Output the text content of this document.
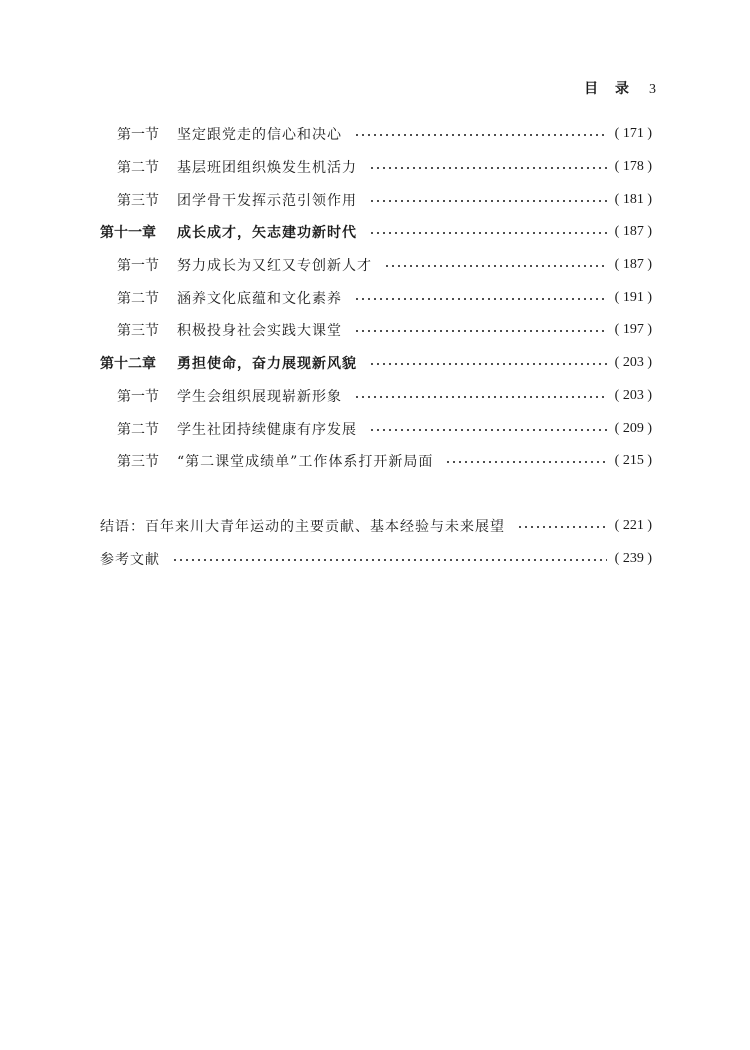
目 录 3
第一节 坚定跟党走的信心和决心	( 171 )
第二节 基层班团组织焕发生机活力	( 178 )
第三节 团学骨干发挥示范引领作用	( 181 )
第十一章 成长成才，矢志建功新时代	( 187 )
第一节 努力成长为又红又专创新人才	( 187 )
第二节 涵养文化底蕴和文化素养	( 191 )
第三节 积极投身社会实践大课堂	( 197 )
第十二章 勇担使命，奋力展现新风貌	( 203 )
第一节 学生会组织展现崭新形象	( 203 )
第二节 学生社团持续健康有序发展	( 209 )
第三节 “第二课堂成绩单”工作体系打开新局面	( 215 )
结语：百年来川大青年运动的主要贡献、基本经验与未来展望	( 221 )
参考文献	( 239 )
